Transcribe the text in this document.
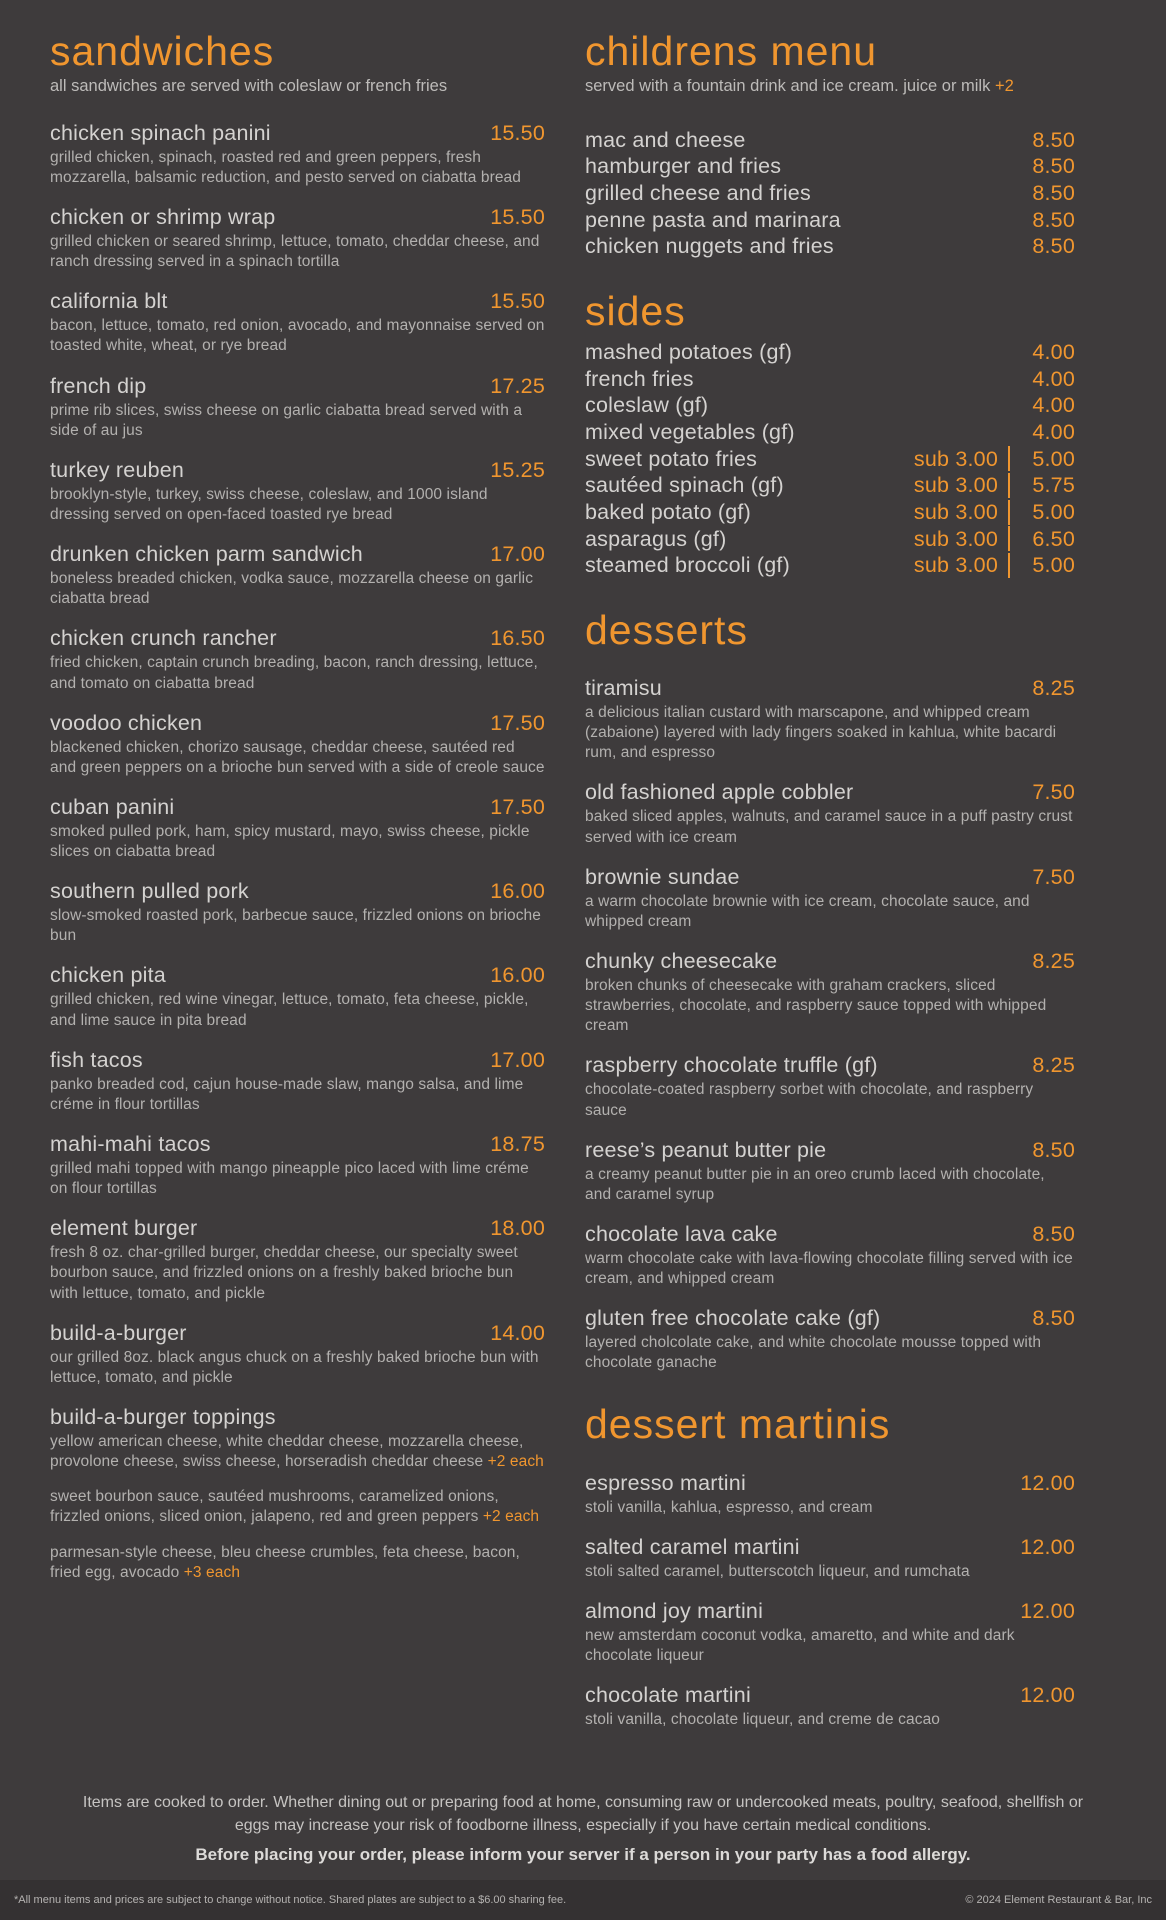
sandwiches

all sandwiches are served with coleslaw or french fries

chicken spinach panini	15.50

grilled chicken, spinach, roasted red and green peppers, fresh mozzarella, balsamic reduction, and pesto served on ciabatta bread

chicken or shrimp wrap	15.50

grilled chicken or seared shrimp, lettuce, tomato, cheddar cheese, and ranch dressing served in a spinach tortilla

california blt	15.50

bacon, lettuce, tomato, red onion, avocado, and mayonnaise served on toasted white, wheat, or rye bread

french dip	17.25

prime rib slices, swiss cheese on garlic ciabatta bread served with a side of au jus

turkey reuben	15.25

brooklyn-style, turkey, swiss cheese, coleslaw, and 1000 island dressing served on open-faced toasted rye bread

drunken chicken parm sandwich	17.00

boneless breaded chicken, vodka sauce, mozzarella cheese on garlic ciabatta bread

chicken crunch rancher	16.50

fried chicken, captain crunch breading, bacon, ranch dressing, lettuce, and tomato on ciabatta bread

voodoo chicken	17.50

blackened chicken, chorizo sausage, cheddar cheese, sautéed red and green peppers on a brioche bun served with a side of creole sauce

cuban panini	17.50

smoked pulled pork, ham, spicy mustard, mayo, swiss cheese, pickle slices on ciabatta bread

southern pulled pork	16.00

slow-smoked roasted pork, barbecue sauce, frizzled onions on brioche bun

chicken pita	16.00

grilled chicken, red wine vinegar, lettuce, tomato, feta cheese, pickle, and lime sauce in pita bread

fish tacos	17.00

panko breaded cod, cajun house-made slaw, mango salsa, and lime créme in flour tortillas

mahi-mahi tacos	18.75

grilled mahi topped with mango pineapple pico laced with lime créme on flour tortillas

element burger	18.00

fresh 8 oz. char-grilled burger, cheddar cheese, our specialty sweet bourbon sauce, and frizzled onions on a freshly baked brioche bun with lettuce, tomato, and pickle

build-a-burger	14.00

our grilled 8oz. black angus chuck on a freshly baked brioche bun with lettuce, tomato, and pickle

build-a-burger toppings

yellow american cheese, white cheddar cheese, mozzarella cheese, provolone cheese, swiss cheese, horseradish cheddar cheese +2 each

sweet bourbon sauce, sautéed mushrooms, caramelized onions, frizzled onions, sliced onion, jalapeno, red and green peppers +2 each

parmesan-style cheese, bleu cheese crumbles, feta cheese, bacon, fried egg, avocado +3 each

childrens menu

served with a fountain drink and ice cream. juice or milk +2

mac and cheese	8.50
hamburger and fries	8.50
grilled cheese and fries	8.50
penne pasta and marinara	8.50
chicken nuggets and fries	8.50
sides
mashed potatoes (gf)	4.00
french fries	4.00
coleslaw (gf)	4.00
mixed vegetables (gf)	4.00
sweet potato fries	sub 3.00	5.00
sautéed spinach (gf)	sub 3.00	5.75
baked potato (gf)	sub 3.00	5.00
asparagus (gf)	sub 3.00	6.50
steamed broccoli (gf)	sub 3.00	5.00
desserts
tiramisu	8.25

a delicious italian custard with marscapone, and whipped cream (zabaione) layered with lady fingers soaked in kahlua, white bacardi rum, and espresso

old fashioned apple cobbler	7.50

baked sliced apples, walnuts, and caramel sauce in a puff pastry crust served with ice cream

brownie sundae	7.50

a warm chocolate brownie with ice cream, chocolate sauce, and whipped cream

chunky cheesecake	8.25

broken chunks of cheesecake with graham crackers, sliced strawberries, chocolate, and raspberry sauce topped with whipped cream

raspberry chocolate truffle (gf)	8.25

chocolate-coated raspberry sorbet with chocolate, and raspberry sauce

reese’s peanut butter pie	8.50

a creamy peanut butter pie in an oreo crumb laced with chocolate, and caramel syrup

chocolate lava cake	8.50

warm chocolate cake with lava-flowing chocolate filling served with ice cream, and whipped cream

gluten free chocolate cake (gf)	8.50

layered cholcolate cake, and white chocolate mousse topped with chocolate ganache

dessert martinis
espresso martini	12.00

stoli vanilla, kahlua, espresso, and cream

salted caramel martini	12.00

stoli salted caramel, butterscotch liqueur, and rumchata

almond joy martini	12.00

new amsterdam coconut vodka, amaretto, and white and dark chocolate liqueur

chocolate martini	12.00

stoli vanilla, chocolate liqueur, and creme de cacao

Items are cooked to order. Whether dining out or preparing food at home, consuming raw or undercooked meats, poultry, seafood, shellfish or eggs may increase your risk of foodborne illness, especially if you have certain medical conditions.
Before placing your order, please inform your server if a person in your party has a food allergy.
*All menu items and prices are subject to change without notice. Shared plates are subject to a $6.00 sharing fee.	© 2024 Element Restaurant & Bar, Inc
